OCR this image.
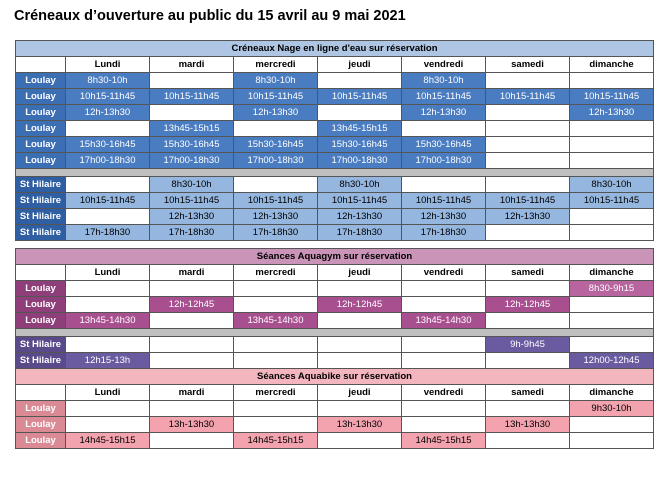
Créneaux d’ouverture au public du 15 avril au 9 mai 2021
Créneaux Nage en ligne d'eau sur réservation							
	Lundi	mardi	mercredi	jeudi	vendredi	samedi	dimanche
Loulay	8h30-10h		8h30-10h		8h30-10h		
Loulay	10h15-11h45	10h15-11h45	10h15-11h45	10h15-11h45	10h15-11h45	10h15-11h45	10h15-11h45
Loulay	12h-13h30		12h-13h30		12h-13h30		12h-13h30
Loulay		13h45-15h15		13h45-15h15			
Loulay	15h30-16h45	15h30-16h45	15h30-16h45	15h30-16h45	15h30-16h45		
Loulay	17h00-18h30	17h00-18h30	17h00-18h30	17h00-18h30	17h00-18h30		

St Hilaire		8h30-10h		8h30-10h			8h30-10h
St Hilaire	10h15-11h45	10h15-11h45	10h15-11h45	10h15-11h45	10h15-11h45	10h15-11h45	10h15-11h45
St Hilaire		12h-13h30	12h-13h30	12h-13h30	12h-13h30	12h-13h30	
St Hilaire	17h-18h30	17h-18h30	17h-18h30	17h-18h30	17h-18h30		

Séances Aquagym sur réservation							
	Lundi	mardi	mercredi	jeudi	vendredi	samedi	dimanche
Loulay							8h30-9h15
Loulay		12h-12h45		12h-12h45		12h-12h45	
Loulay	13h45-14h30		13h45-14h30		13h45-14h30		

St Hilaire						9h-9h45	
St Hilaire	12h15-13h						12h00-12h45
Séances Aquabike sur réservation							
	Lundi	mardi	mercredi	jeudi	vendredi	samedi	dimanche
Loulay							9h30-10h
Loulay		13h-13h30		13h-13h30		13h-13h30	
Loulay	14h45-15h15		14h45-15h15		14h45-15h15		
